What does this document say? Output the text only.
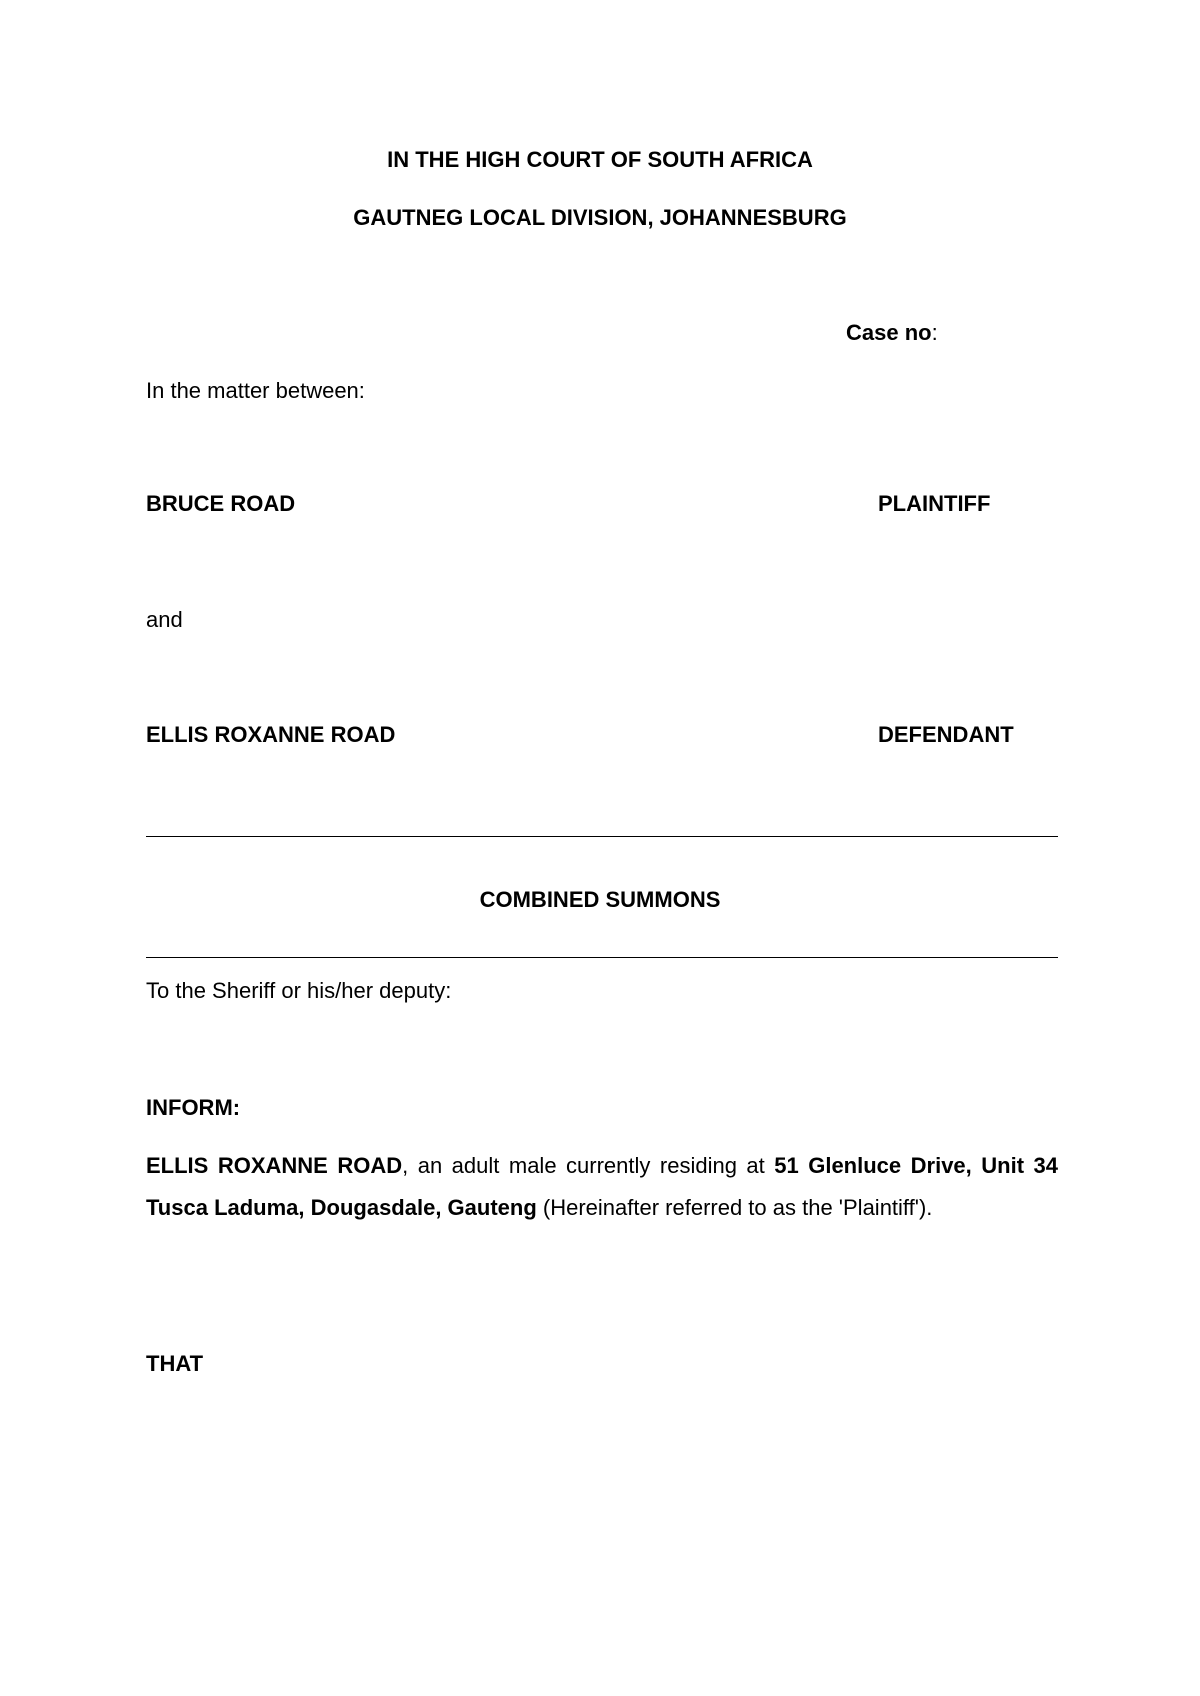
IN THE HIGH COURT OF SOUTH AFRICA
GAUTNEG LOCAL DIVISION, JOHANNESBURG
Case no:
In the matter between:
BRUCE ROAD	PLAINTIFF
and
ELLIS ROXANNE ROAD	DEFENDANT
COMBINED SUMMONS
To the Sheriff or his/her deputy:
INFORM:
ELLIS ROXANNE ROAD, an adult male currently residing at 51 Glenluce Drive, Unit 34 Tusca Laduma, Dougasdale, Gauteng (Hereinafter referred to as the 'Plaintiff').
THAT
